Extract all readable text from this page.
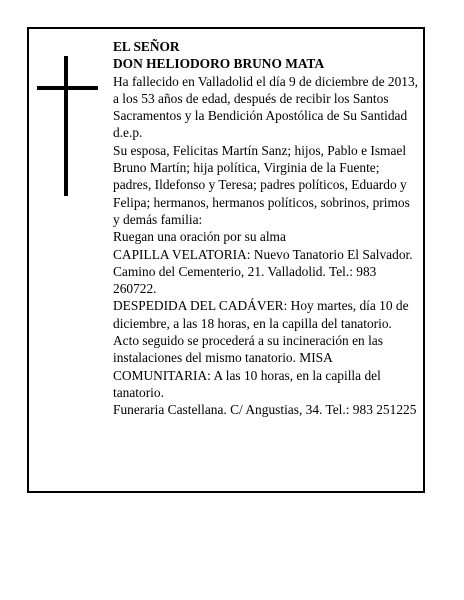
EL SEÑOR

DON HELIODORO BRUNO MATA

Ha fallecido en Valladolid el día 9 de diciembre de 2013, a los 53 años de edad, después de recibir los Santos Sacramentos y la Bendición Apostólica de Su Santidad

d.e.p.

Su esposa, Felicitas Martín Sanz; hijos, Pablo e Ismael Bruno Martín; hija política, Virginia de la Fuente; padres, Ildefonso y Teresa; padres políticos, Eduardo y Felipa; hermanos, hermanos políticos, sobrinos, primos y demás familia:

Ruegan una oración por su alma

CAPILLA VELATORIA: Nuevo Tanatorio El Salvador. Camino del Cementerio, 21. Valladolid. Tel.: 983 260722.

DESPEDIDA DEL CADÁVER: Hoy martes, día 10 de diciembre, a las 18 horas, en la capilla del tanatorio. Acto seguido se procederá a su incineración en las instalaciones del mismo tanatorio. MISA COMUNITARIA: A las 10 horas, en la capilla del tanatorio.

Funeraria Castellana. C/ Angustias, 34. Tel.: 983 251225
